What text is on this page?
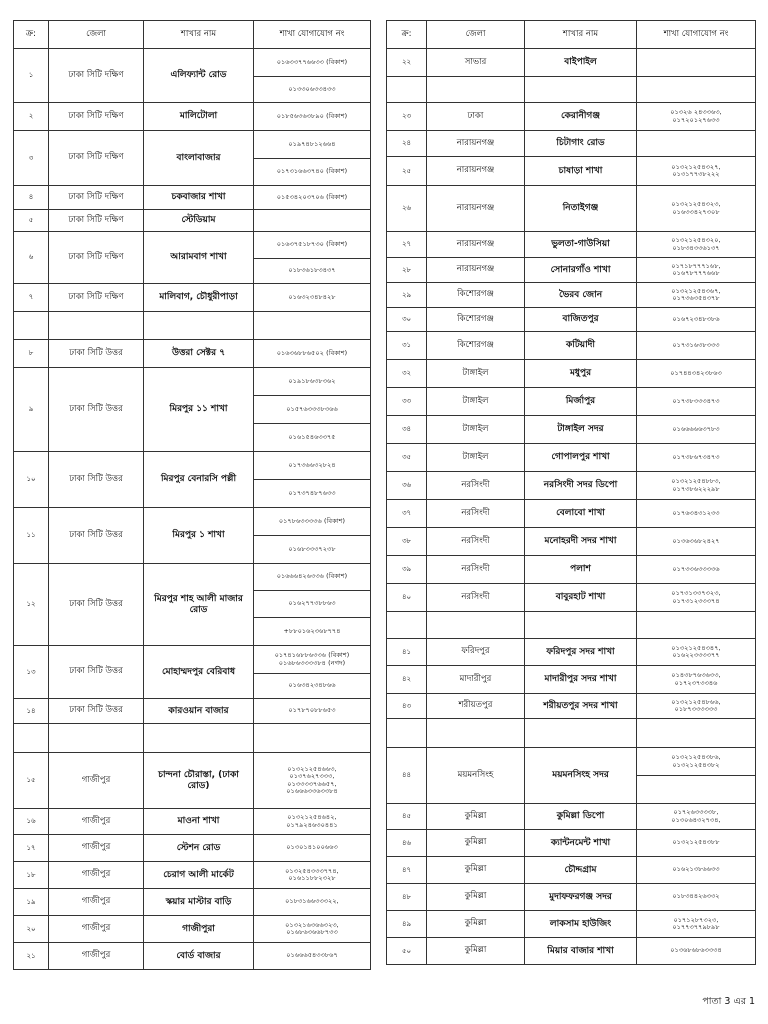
ক্র:	জেলা	শাখার নাম	শাখা যোগাযোগ নং
১	ঢাকা সিটি দক্ষিণ	এলিফ্যান্ট রোড	০১৬৩৩৭৭৬৬৩৩ (বিকাশ)

			০১৩৩০৬৩৩৪৩৩

২	ঢাকা সিটি দক্ষিণ	মালিটোলা	০১৮৫৬৩৬৩৮৯০ (বিকাশ)

৩	ঢাকা সিটি দক্ষিণ	বাংলাবাজার	০১৯৭৪৮১২৬৬৪

			০১৭৩১৬৬৩৭৪০ (বিকাশ)

৪	ঢাকা সিটি দক্ষিণ	চকবাজার শাখা	০১৫৩৪২০৩৭০৬ (বিকাশ)

৫	ঢাকা সিটি দক্ষিণ	স্টেডিয়াম	
৬	ঢাকা সিটি দক্ষিণ	আরামবাগ শাখা	০১৬৩৭৫১৮৭৩০ (বিকাশ)

			০১৮৩৬১৮৩৪৩৭

৭	ঢাকা সিটি দক্ষিণ	মালিবাগ, চৌধুরীপাড়া	০১৬৩২৩৪৮৪২৮

৮	ঢাকা সিটি উত্তর	উত্তরা সেক্টর ৭	০১৬৩৬৮৮৬৫০২ (বিকাশ)

৯	ঢাকা সিটি উত্তর	মিরপুর ১১ শাখা	০১৯১৮৬৩৮৩৬২

			০১৫৭৬৩৩৩৮৩৬৬

			০১৬১৫৪৬৩৩৭৫

১০	ঢাকা সিটি উত্তর	মিরপুর বেনারসি পল্লী	০১৭৩৬৬৩২৮২৪

			০১৭৩৭৪৮৭৬৩৩

১১	ঢাকা সিটি উত্তর	মিরপুর ১ শাখা	০১৭৮৬৩৩৩৩৬ (বিকাশ)

			০১৬৮৩৩৩৭২৩৮

১২	ঢাকা সিটি উত্তর	মিরপুর শাহ আলী মাজার রোড	০১৬৬৬৪২৬৩৩৬ (বিকাশ)

			০১৬২৭৭৩৮৮৬৩

			+৮৮০১৬২৩৬৮৭৭৪

১৩	ঢাকা সিটি উত্তর	মোহাম্মদপুর বেরিবাধ	০১৭৪১৬৮৮৬৩৩৬ (বিকাশ)
০১৬৮৬৩৩৩৩৮৪ (নগদ)

			০১৬৩৪২৩৪৮৬৬

১৪	ঢাকা সিটি উত্তর	কারওয়ান বাজার	০১৭৮৭০৮৮৬৫৩

১৫	গাজীপুর	চান্দনা চৌরাস্তা, (ঢাকা রোড)	০১৩২১২৫৪৬৬৩,
০১৩৭৬২৭৩৩৩,
০১৩৩৩৩৭৬৬৫৭,
০১৬৬৬৩৩৬৩৩৮৪

১৬	গাজীপুর	মাওনা শাখা	০১৩২১২৫৪৬৪২,
০১৭৯২৪৬৩০৪৪১

১৭	গাজীপুর	স্টেশন রোড	০১৩০১৪১০০৬৬৩

১৮	গাজীপুর	চেরাগ আলী মার্কেট	০১৩২৫৪৩৩৩৭৭৪,
০১৬১১৮৮২৩২৮

১৯	গাজীপুর	স্কয়ার মাস্টার বাড়ি	০১৮৩১৬৬৩৩৩২২,

২০	গাজীপুর	গাজীপুরা	০১৩২১৬৩৬৬৩২৩,
০১৬৮৬৩৬৬৮৭৩৩

২১	গাজীপুর	বোর্ড বাজার	০১৬৬৬৫৪৩৩৮৬৭
ক্র:	জেলা	শাখার নাম	শাখা যোগাযোগ নং
২২	সাভার	বাইপাইল	

২৩	ঢাকা	কেরানীগঞ্জ	০১৩২৬ ২৪৩৩৬৩,
০১৭২০১২৭৬৩৩

২৪	নারায়নগঞ্জ	চিটাগাং রোড	
২৫	নারায়নগঞ্জ	চাষাড়া শাখা	০১৩২১২৫৪৩২৭,
০১৩১৭৭৩৮২২২

২৬	নারায়নগঞ্জ	নিতাইগঞ্জ	০১৩২১২৫৪৩২৩,
০১৬৩৩৪২৭৩০৮

২৭	নারায়নগঞ্জ	ভুলতা-গাউসিয়া	০১৩২১২৫৪৩২০,
০১৮৩৪৩৩৬১৩৭

২৮	নারায়নগঞ্জ	সোনারগাঁও শাখা	০১৭১৮৭৭৭১৬৮,
০১৬৭৮৭৭৭৬৬৮

২৯	কিশোরগঞ্জ	ভৈরব জোন	০১৩২১২৫৪৩৬৭,
০১৭৩৬৩৫৪৩৭৮

৩০	কিশোরগঞ্জ	বাজিতপুর	০১৬৭২৩৪৮৩৮৬

৩১	কিশোরগঞ্জ	কটিয়াদী	০১৭৩১৬৩৮৩৩৩

৩২	টাঙ্গাইল	মধুপুর	০১৭৪৪৩৪২৩৮৬৩

৩৩	টাঙ্গাইল	মির্জাপুর	০১৭৩৮৩৩৩৪৭৩

৩৪	টাঙ্গাইল	টাঙ্গাইল সদর	০১৬৬৬৬৬৩৭৮৩

৩৫	টাঙ্গাইল	গোপালপুর শাখা	০১৭৩৮৬৭৩৪৭৩

৩৬	নরসিংদী	নরসিংদী সদর ডিপো	০১৩২১২৫৪৮৮৩,
০১৭৩৮৬২২২৯৮

৩৭	নরসিংদী	বেলাবো শাখা	০১৭৬৩৪৩১২৩৩

৩৮	নরসিংদী	মনোহরদী সদর শাখা	০১৩৬৩৬৮২৪২৭

৩৯	নরসিংদী	পলাশ	০১৭৩৩৬৩৩৩৩৬

৪০	নরসিংদী	বাবুরহাট শাখা	০১৭৩১৩৩৭৩২৩,
০১৭৩১২৩৩৩৭৪

৪১	ফরিদপুর	ফরিদপুর সদর শাখা	০১৩২১২৫৪৩৪৭,
০১৬২২৩৩৩৩৭৭

৪২	মাদারীপুর	মাদারীপুর সদর শাখা	০১৪৩৮৭৬৩৬৩৩,
০১৭২৩৭৩৩৪৬

৪৩	শরীয়তপুর	শরীয়তপুর সদর শাখা	০১৩২১২৫৪৮৬৬,
০১৮৭৩৩৩৩৩৩

৪৪	ময়মনসিংহ	ময়মনসিংহ সদর	০১৩২১২৫৪৩৮৬,
০১৩২১২৫৪৩৮২

৪৫	কুমিল্লা	কুমিল্লা ডিপো	০১৭২৬৩৩৩৩৮,
০১৩০৬৪৩২৭৩৪,

৪৬	কুমিল্লা	ক্যান্টনমেন্ট শাখা	০১৩২১২৫৪৩৮৮

৪৭	কুমিল্লা	চৌদ্দগ্রাম	০১৬২১৩৮৬৬৩৩

৪৮	কুমিল্লা	মুদাফফরগঞ্জ সদর	০১৮৩৪৪২৬৩৩২

৪৯	কুমিল্লা	লাকসাম হাউজিং	০১৭১২৮৭৩২৩,
০১৭৭৩৭৭৯৮৯৮

৫০	কুমিল্লা	মিয়ার বাজার শাখা	০১৩৬৮৬৮৬৩৩৩৪
পাতা 3 এর 1
